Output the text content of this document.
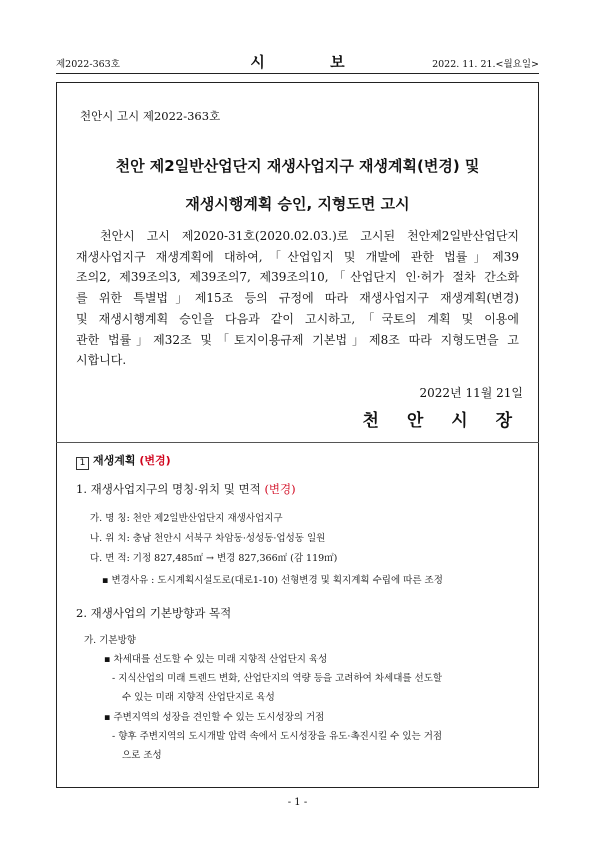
제2022-363호	시 보	2022. 11. 21.<월요일>
천안시 고시 제2022-363호
천안 제2일반산업단지 재생사업지구 재생계획(변경) 및
재생시행계획 승인, 지형도면 고시
천안시 고시 제2020-31호(2020.02.03.)로 고시된 천안제2일반산업단지
재생사업지구 재생계획에 대하여,「산업입지 및 개발에 관한 법률」제39
조의2, 제39조의3, 제39조의7, 제39조의10,「산업단지 인·허가 절차 간소화
를 위한 특별법」제15조 등의 규정에 따라 재생사업지구 재생계획(변경)
및 재생시행계획 승인을 다음과 같이 고시하고,「국토의 계획 및 이용에
관한 법률」제32조 및「토지이용규제 기본법」제8조 따라 지형도면을 고
시합니다.
2022년 11월 21일
천 안 시 장
1 재생계획 (변경)
1. 재생사업지구의 명칭·위치 및 면적 (변경)
가. 명 칭: 천안 제2일반산업단지 재생사업지구
나. 위 치: 충남 천안시 서북구 차암동·성성동·업성동 일원
다. 면 적: 기정 827,485㎡ → 변경 827,366㎡ (감 119㎡)
▪ 변경사유 : 도시계획시설도로(대로1-10) 선형변경 및 획지계획 수립에 따른 조정
2. 재생사업의 기본방향과 목적
가. 기본방향
▪ 차세대를 선도할 수 있는 미래 지향적 산업단지 육성
- 지식산업의 미래 트렌드 변화, 산업단지의 역량 등을 고려하여 차세대를 선도할
수 있는 미래 지향적 산업단지로 육성
▪ 주변지역의 성장을 견인할 수 있는 도시성장의 거점
- 향후 주변지역의 도시개발 압력 속에서 도시성장을 유도·촉진시킬 수 있는 거점
으로 조성
- 1 -
